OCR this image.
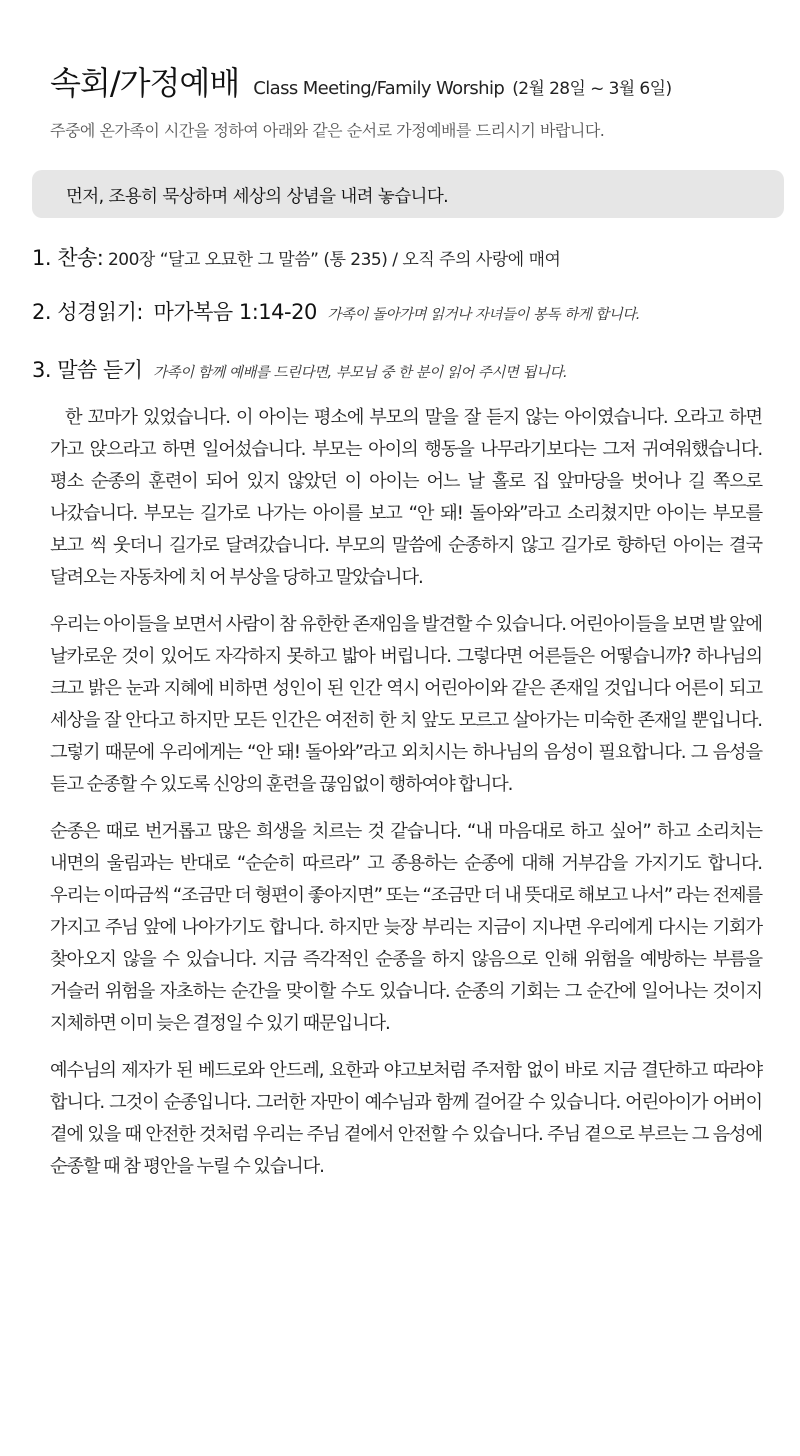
속회/가정예배 Class Meeting/Family Worship (2월 28일 ~ 3월 6일)
주중에 온가족이 시간을 정하여 아래와 같은 순서로 가정예배를 드리시기 바랍니다.
먼저, 조용히 묵상하며 세상의 상념을 내려 놓습니다.
1. 찬송: 200장 “달고 오묘한 그 말씀” (통 235) / 오직 주의 사랑에 매여
2. 성경읽기: 마가복음 1:14-20 가족이 돌아가며 읽거나 자녀들이 봉독 하게 합니다.
3. 말씀 듣기 가족이 함께 예배를 드린다면, 부모님 중 한 분이 읽어 주시면 됩니다.

한 꼬마가 있었습니다. 이 아이는 평소에 부모의 말을 잘 듣지 않는 아이였습니다. 오라고 하면 가고 앉으라고 하면 일어섰습니다. 부모는 아이의 행동을 나무라기보다는 그저 귀여워했습니다. 평소 순종의 훈련이 되어 있지 않았던 이 아이는 어느 날 홀로 집 앞마당을 벗어나 길 쪽으로 나갔습니다. 부모는 길가로 나가는 아이를 보고 “안 돼! 돌아와”라고 소리쳤지만 아이는 부모를 보고 씩 웃더니 길가로 달려갔습니다. 부모의 말씀에 순종하지 않고 길가로 향하던 아이는 결국 달려오는 자동차에 치 어 부상을 당하고 말았습니다.

우리는 아이들을 보면서 사람이 참 유한한 존재임을 발견할 수 있습니다. 어린아이들을 보면 발 앞에 날카로운 것이 있어도 자각하지 못하고 밟아 버립니다. 그렇다면 어른들은 어떻습니까? 하나님의 크고 밝은 눈과 지혜에 비하면 성인이 된 인간 역시 어린아이와 같은 존재일 것입니다 어른이 되고 세상을 잘 안다고 하지만 모든 인간은 여전히 한 치 앞도 모르고 살아가는 미숙한 존재일 뿐입니다. 그렇기 때문에 우리에게는 “안 돼! 돌아와”라고 외치시는 하나님의 음성이 필요합니다. 그 음성을 듣고 순종할 수 있도록 신앙의 훈련을 끊임없이 행하여야 합니다.

순종은 때로 번거롭고 많은 희생을 치르는 것 같습니다. “내 마음대로 하고 싶어” 하고 소리치는 내면의 울림과는 반대로 “순순히 따르라” 고 종용하는 순종에 대해 거부감을 가지기도 합니다. 우리는 이따금씩 “조금만 더 형편이 좋아지면” 또는 “조금만 더 내 뜻대로 해보고 나서” 라는 전제를 가지고 주님 앞에 나아가기도 합니다. 하지만 늦장 부리는 지금이 지나면 우리에게 다시는 기회가 찾아오지 않을 수 있습니다. 지금 즉각적인 순종을 하지 않음으로 인해 위험을 예방하는 부름을 거슬러 위험을 자초하는 순간을 맞이할 수도 있습니다. 순종의 기회는 그 순간에 일어나는 것이지 지체하면 이미 늦은 결정일 수 있기 때문입니다.

예수님의 제자가 된 베드로와 안드레, 요한과 야고보처럼 주저함 없이 바로 지금 결단하고 따라야 합니다. 그것이 순종입니다. 그러한 자만이 예수님과 함께 걸어갈 수 있습니다. 어린아이가 어버이 곁에 있을 때 안전한 것처럼 우리는 주님 곁에서 안전할 수 있습니다. 주님 곁으로 부르는 그 음성에 순종할 때 참 평안을 누릴 수 있습니다.
